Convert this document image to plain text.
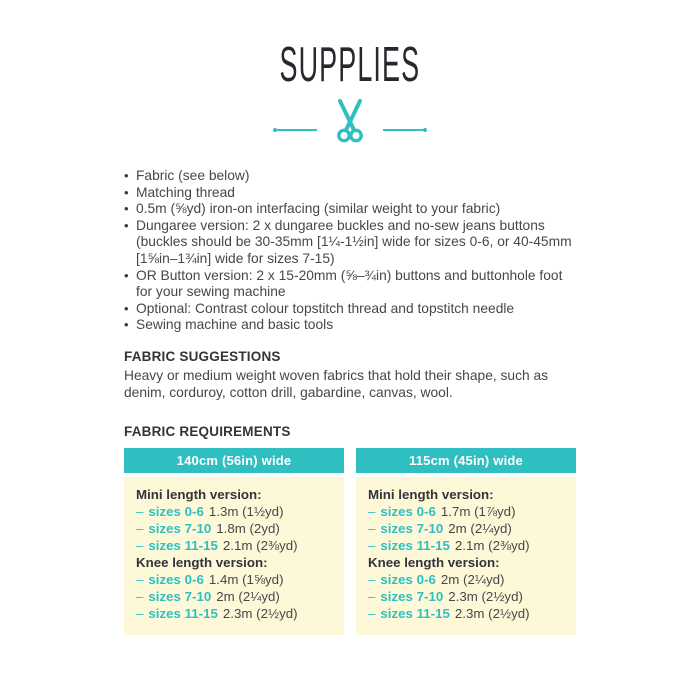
SUPPLIES
• Fabric (see below)
• Matching thread
• 0.5m (⅝yd) iron-on interfacing (similar weight to your fabric)
• Dungaree version: 2 x dungaree buckles and no-sew jeans buttons (buckles should be 30-35mm [1¼-1½in] wide for sizes 0-6, or 40-45mm [1⅝in–1¾in] wide for sizes 7-15)
• OR Button version: 2 x 15-20mm (⅝–¾in) buttons and buttonhole foot for your sewing machine
• Optional: Contrast colour topstitch thread and topstitch needle
• Sewing machine and basic tools
FABRIC SUGGESTIONS
Heavy or medium weight woven fabrics that hold their shape, such as denim, corduroy, cotton drill, gabardine, canvas, wool.
FABRIC REQUIREMENTS
140cm (56in) wide
Mini length version:
– sizes 0-6 1.3m (1½yd)
– sizes 7-10 1.8m (2yd)
– sizes 11-15 2.1m (2⅜yd)
Knee length version:
– sizes 0-6 1.4m (1⅝yd)
– sizes 7-10 2m (2¼yd)
– sizes 11-15 2.3m (2½yd)
115cm (45in) wide
Mini length version:
– sizes 0-6 1.7m (1⅞yd)
– sizes 7-10 2m (2¼yd)
– sizes 11-15 2.1m (2⅜yd)
Knee length version:
– sizes 0-6 2m (2¼yd)
– sizes 7-10 2.3m (2½yd)
– sizes 11-15 2.3m (2½yd)
